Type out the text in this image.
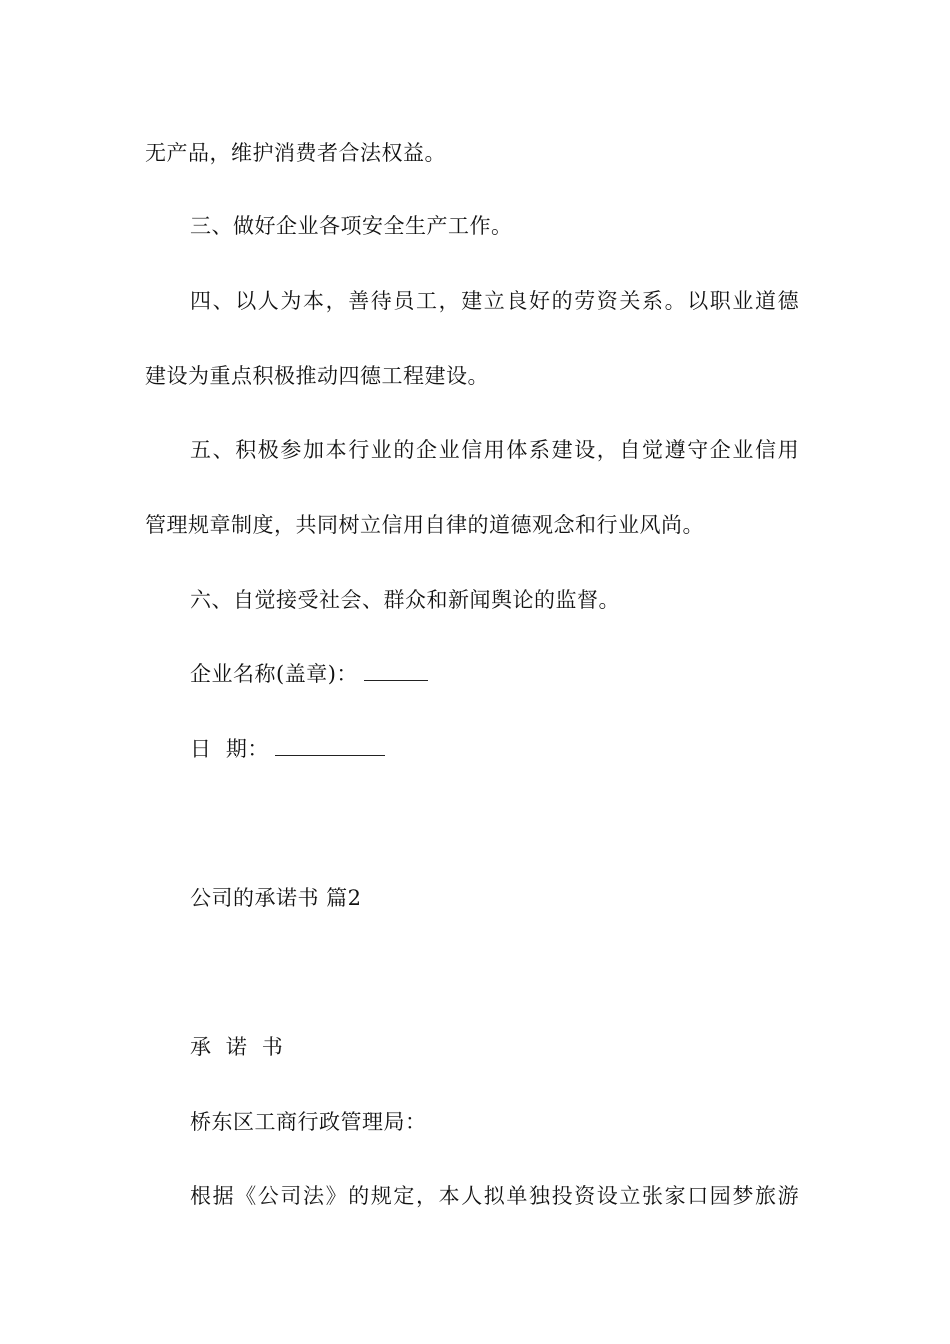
无产品，维护消费者合法权益。
三、做好企业各项安全生产工作。
四、以人为本，善待员工，建立良好的劳资关系。以职业道德
建设为重点积极推动四德工程建设。
五、积极参加本行业的企业信用体系建设，自觉遵守企业信用
管理规章制度，共同树立信用自律的道德观念和行业风尚。
六、自觉接受社会、群众和新闻舆论的监督。
企业名称(盖章)：
日  期：
公司的承诺书 篇2
承  诺  书
桥东区工商行政管理局：
根据《公司法》的规定，本人拟单独投资设立张家口园梦旅游
